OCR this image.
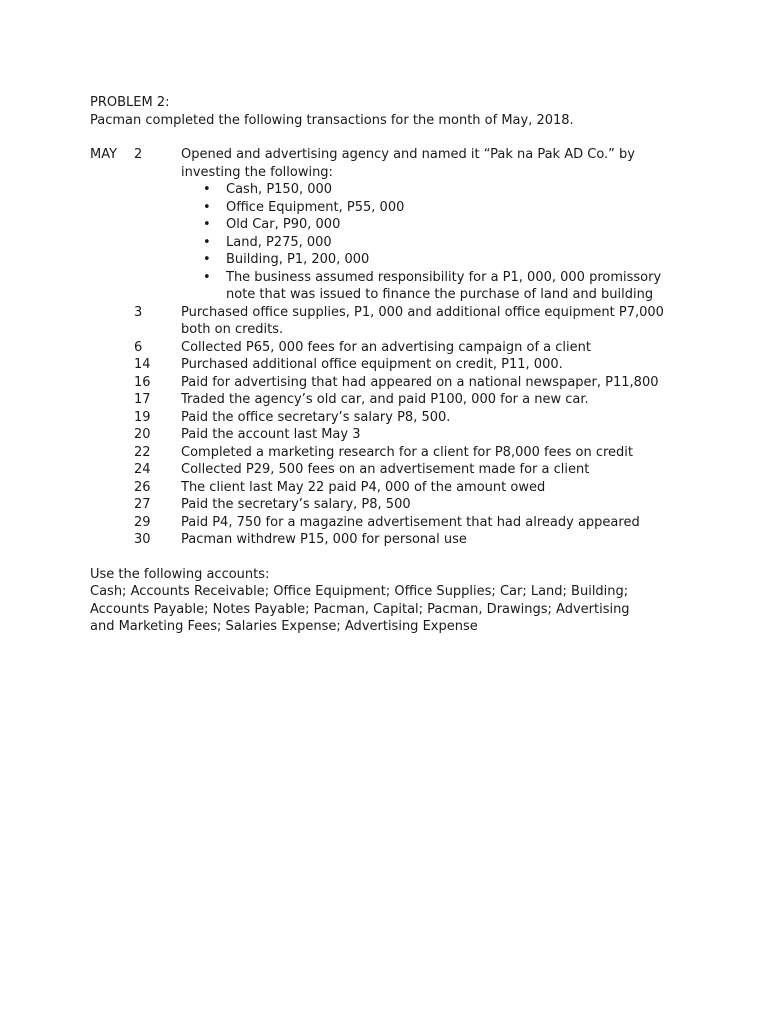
PROBLEM 2:
Pacman completed the following transactions for the month of May, 2018.
MAY 2	Opened and advertising agency and named it “Pak na Pak AD Co.” by
investing the following:
• Cash, P150, 000
• Office Equipment, P55, 000
• Old Car, P90, 000
• Land, P275, 000
• Building, P1, 200, 000
• The business assumed responsibility for a P1, 000, 000 promissory
note that was issued to finance the purchase of land and building
3	Purchased office supplies, P1, 000 and additional office equipment P7,000
both on credits.
6	Collected P65, 000 fees for an advertising campaign of a client
14 Purchased additional office equipment on credit, P11, 000.
16 Paid for advertising that had appeared on a national newspaper, P11,800
17 Traded the agency’s old car, and paid P100, 000 for a new car.
19 Paid the office secretary’s salary P8, 500.
20 Paid the account last May 3
22 Completed a marketing research for a client for P8,000 fees on credit
24 Collected P29, 500 fees on an advertisement made for a client
26 The client last May 22 paid P4, 000 of the amount owed
27 Paid the secretary’s salary, P8, 500
29 Paid P4, 750 for a magazine advertisement that had already appeared
30 Pacman withdrew P15, 000 for personal use
Use the following accounts:
Cash; Accounts Receivable; Office Equipment; Office Supplies; Car; Land; Building;
Accounts Payable; Notes Payable; Pacman, Capital; Pacman, Drawings; Advertising
and Marketing Fees; Salaries Expense; Advertising Expense
